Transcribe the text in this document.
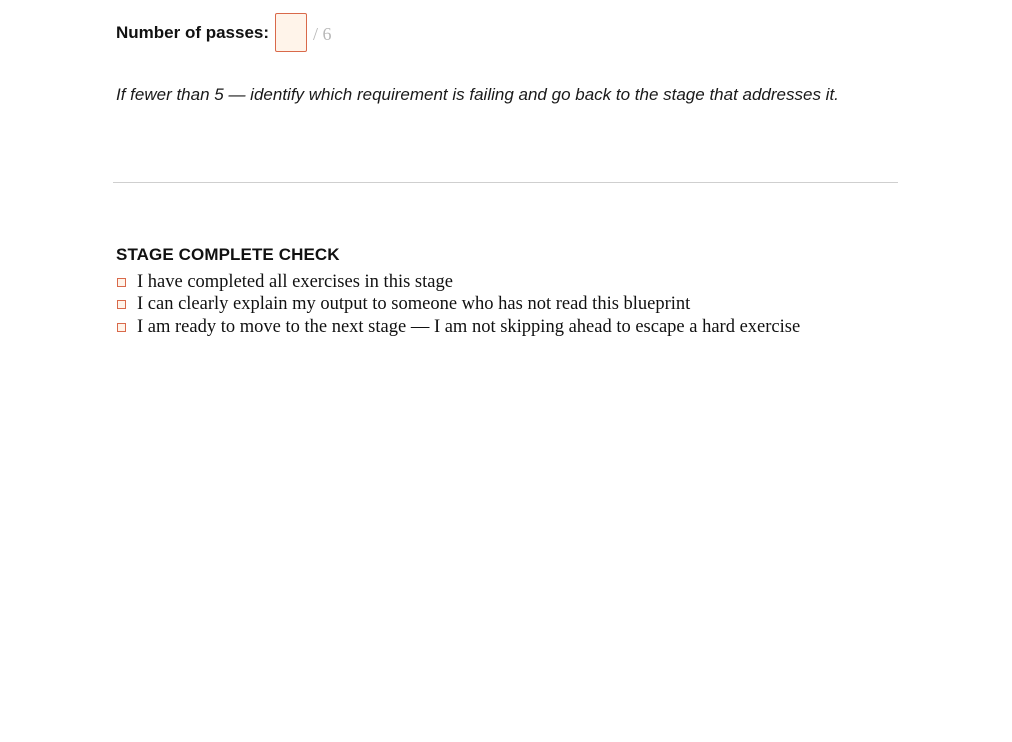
Number of passes: / 6
If fewer than 5 — identify which requirement is failing and go back to the stage that addresses it.
STAGE COMPLETE CHECK
I have completed all exercises in this stage
I can clearly explain my output to someone who has not read this blueprint
I am ready to move to the next stage — I am not skipping ahead to escape a hard exercise
